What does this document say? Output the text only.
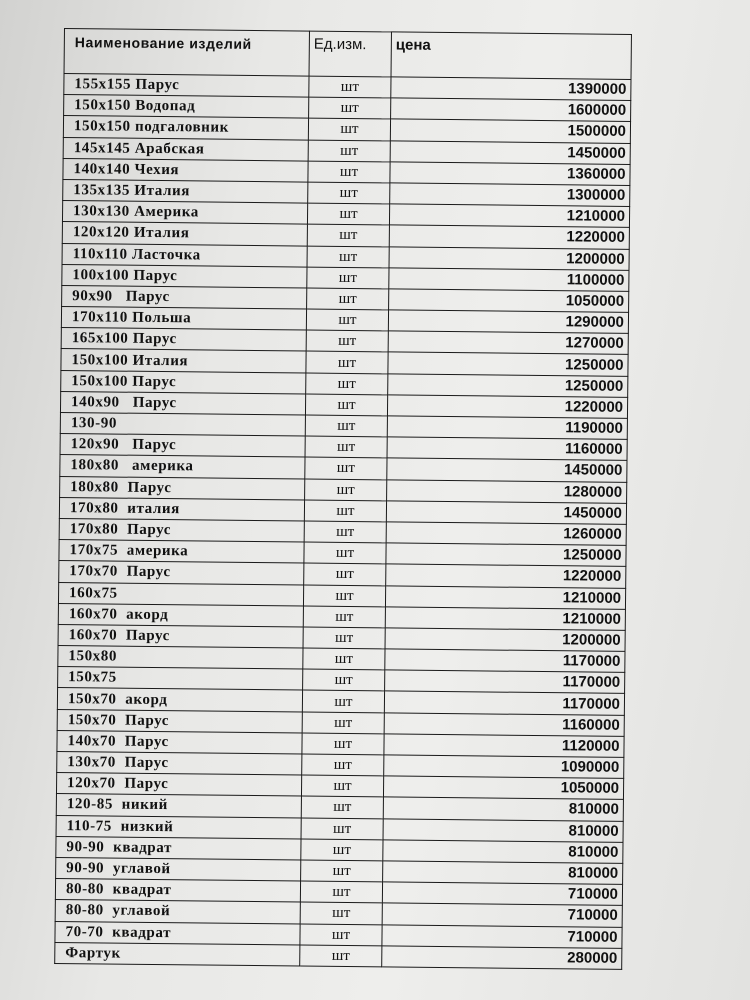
Наименование изделий	Ед.изм.	цена
155x155 Парус	шт	1390000
150x150 Водопад	шт	1600000
150x150 подгаловник	шт	1500000
145x145 Арабская	шт	1450000
140x140 Чехия	шт	1360000
135x135 Италия	шт	1300000
130x130 Америка	шт	1210000
120x120 Италия	шт	1220000
110x110 Ласточка	шт	1200000
100x100 Парус	шт	1100000
90x90   Парус	шт	1050000
170x110 Польша	шт	1290000
165x100 Парус	шт	1270000
150x100 Италия	шт	1250000
150x100 Парус	шт	1250000
140x90   Парус	шт	1220000
130-90	шт	1190000
120x90   Парус	шт	1160000
180x80   америка	шт	1450000
180x80  Парус	шт	1280000
170x80  италия	шт	1450000
170x80  Парус	шт	1260000
170x75  америка	шт	1250000
170x70  Парус	шт	1220000
160x75	шт	1210000
160x70  акорд	шт	1210000
160x70  Парус	шт	1200000
150x80	шт	1170000
150x75	шт	1170000
150x70  акорд	шт	1170000
150x70  Парус	шт	1160000
140x70  Парус	шт	1120000
130x70  Парус	шт	1090000
120x70  Парус	шт	1050000
120-85  никий	шт	810000
110-75  низкий	шт	810000
90-90  квадрат	шт	810000
90-90  углавой	шт	810000
80-80  квадрат	шт	710000
80-80  углавой	шт	710000
70-70  квадрат	шт	710000
Фартук	шт	280000
